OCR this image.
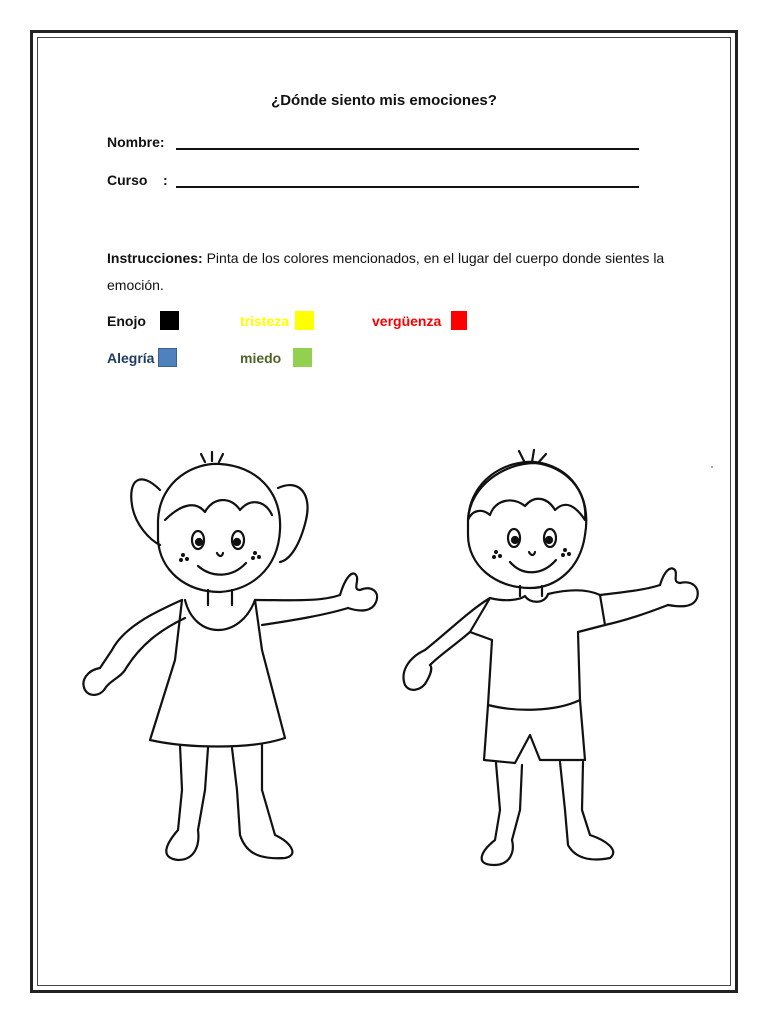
¿Dónde siento mis emociones?
Nombre:
Curso    :
Instrucciones: Pinta de los colores mencionados, en el lugar del cuerpo donde sientes la emoción.
Enojo	tristeza	vergüenza
Alegría	miedo
